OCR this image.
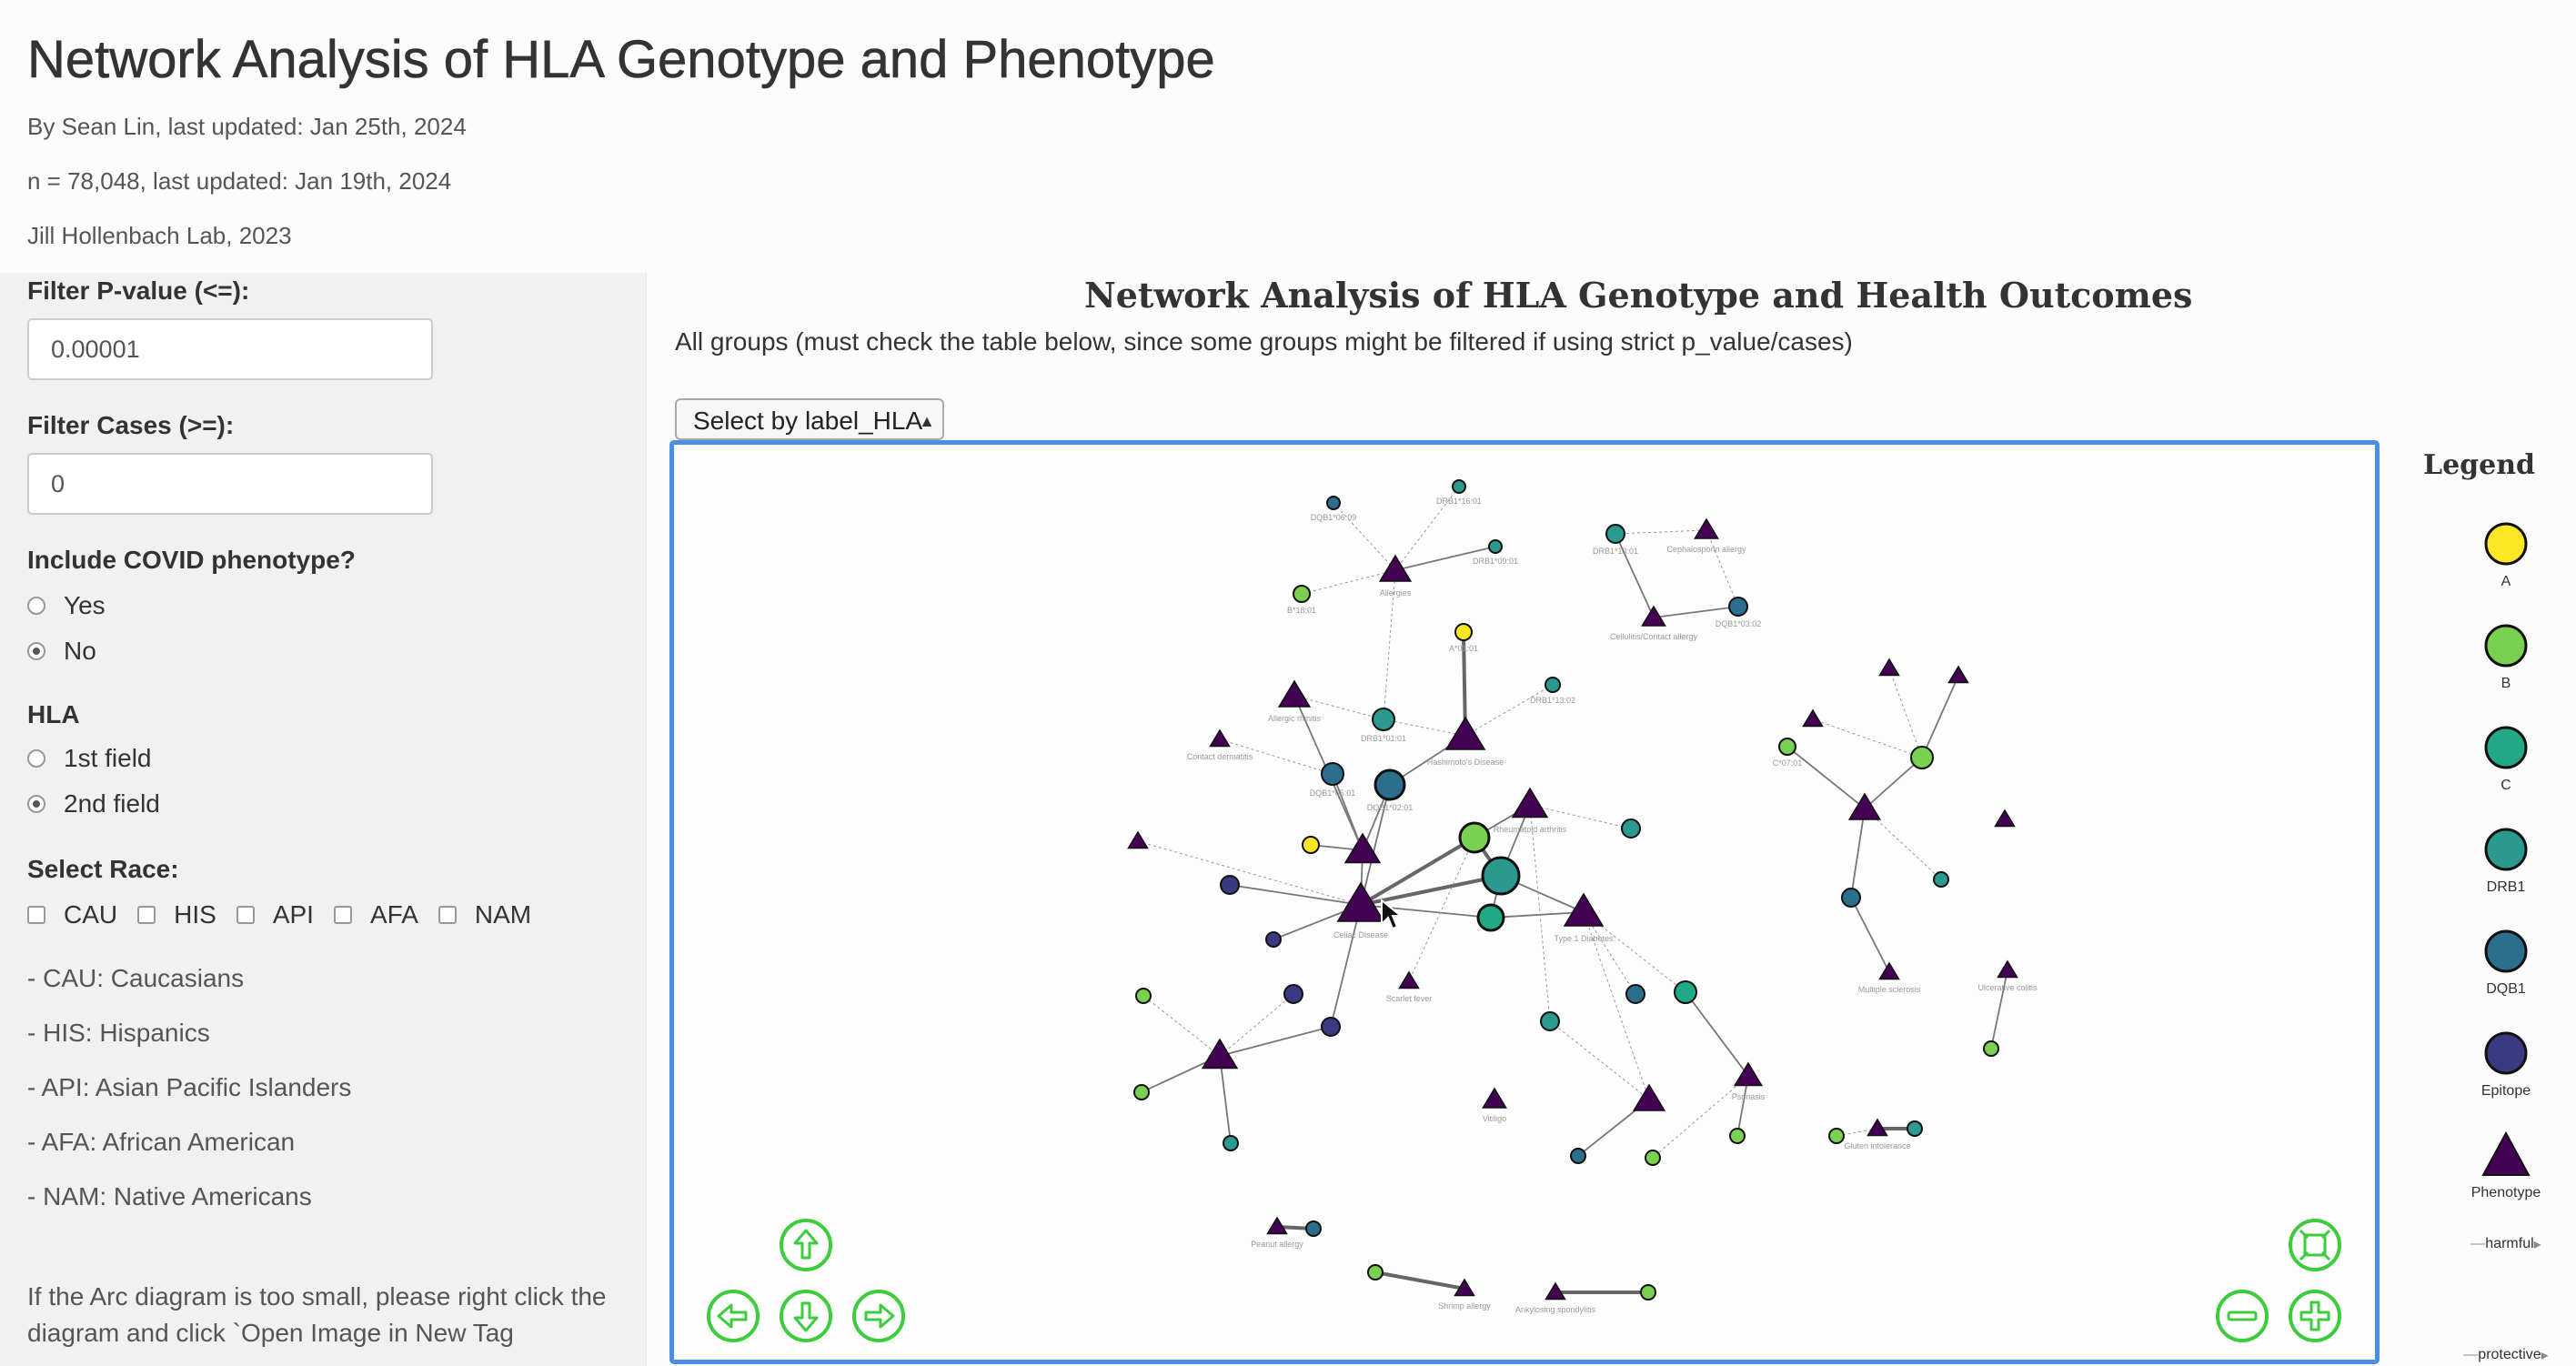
Network Analysis of HLA Genotype and Phenotype
By Sean Lin, last updated: Jan 25th, 2024
n = 78,048, last updated: Jan 19th, 2024
Jill Hollenbach Lab, 2023
Filter P-value (<=):
0.00001
Filter Cases (>=):
0
Include COVID phenotype?
Yes
No
HLA
1st field
2nd field
Select Race:
CAU HIS API AFA NAM
- CAU: Caucasians
- HIS: Hispanics
- API: Asian Pacific Islanders
- AFA: African American
- NAM: Native Americans
If the Arc diagram is too small, please right click the
diagram and click `Open Image in New Tag
Network Analysis of HLA Genotype and Health Outcomes
All groups (must check the table below, since some groups might be filtered if using strict p_value/cases)
Select by label_HLA
▲

DQB1*06:09
DRB1*16:01
Allergies
DRB1*09:01
B*18:01
DRB1*13:01	Cephalosporin allergy
Cellulitis/Contact allergy
DQB1*03:02
A*01:01
DRB1*13:02
Allergic rhinitis
DRB1*01:01
Hashimoto's Disease
Contact dermatitis
DQB1*05:01
DQB1*02:01
Rheumatoid arthritis
Celiac Disease	Type 1 Diabetes
C*07:01
Multiple sclerosis	Ulcerative colitis
Scarlet fever
Psoriasis
Vitiligo
Gluten intolerance
Peanut allergy
Shrimp allergy	Ankylosing spondylitis
Legend
A
B
C
DRB1
DQB1
Epitope
Phenotype
— harmful ▸
— protective ▸
